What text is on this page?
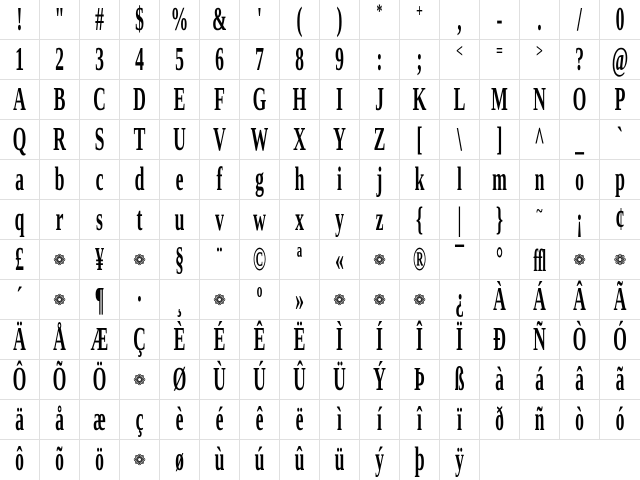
! " # $ % & ' ( )	*	+ , - . / 0
1 2 3 4 5 6 7 8 9 : ;	<	=	> ? @
A B C D E F G H I J K L M N O P
Q R S T U V W X Y Z [ \ ] ^ _ `
a b c d e f g h i j k l m n o p
q r s t u v w x y z { | }	~ ¡ ¢
£	❁ ¥	❁ § ¨ © ª «	❁ ® ¯ ° ffl	❁	❁
´	❁ ¶ · ¸	❁ º »	❁	❁	❁ ¿ À Á Â Ã
Ä Å Æ Ç È É Ê Ë Ì Í Î Ï Ð Ñ Ò Ó
Ô Õ Ö	❁ Ø Ù Ú Û Ü Ý Þ ß à á â ã
ä å æ ç è é ê ë ì í î ï ð ñ ò ó
ô õ ö	❁ ø ù ú û ü ý þ ÿ
